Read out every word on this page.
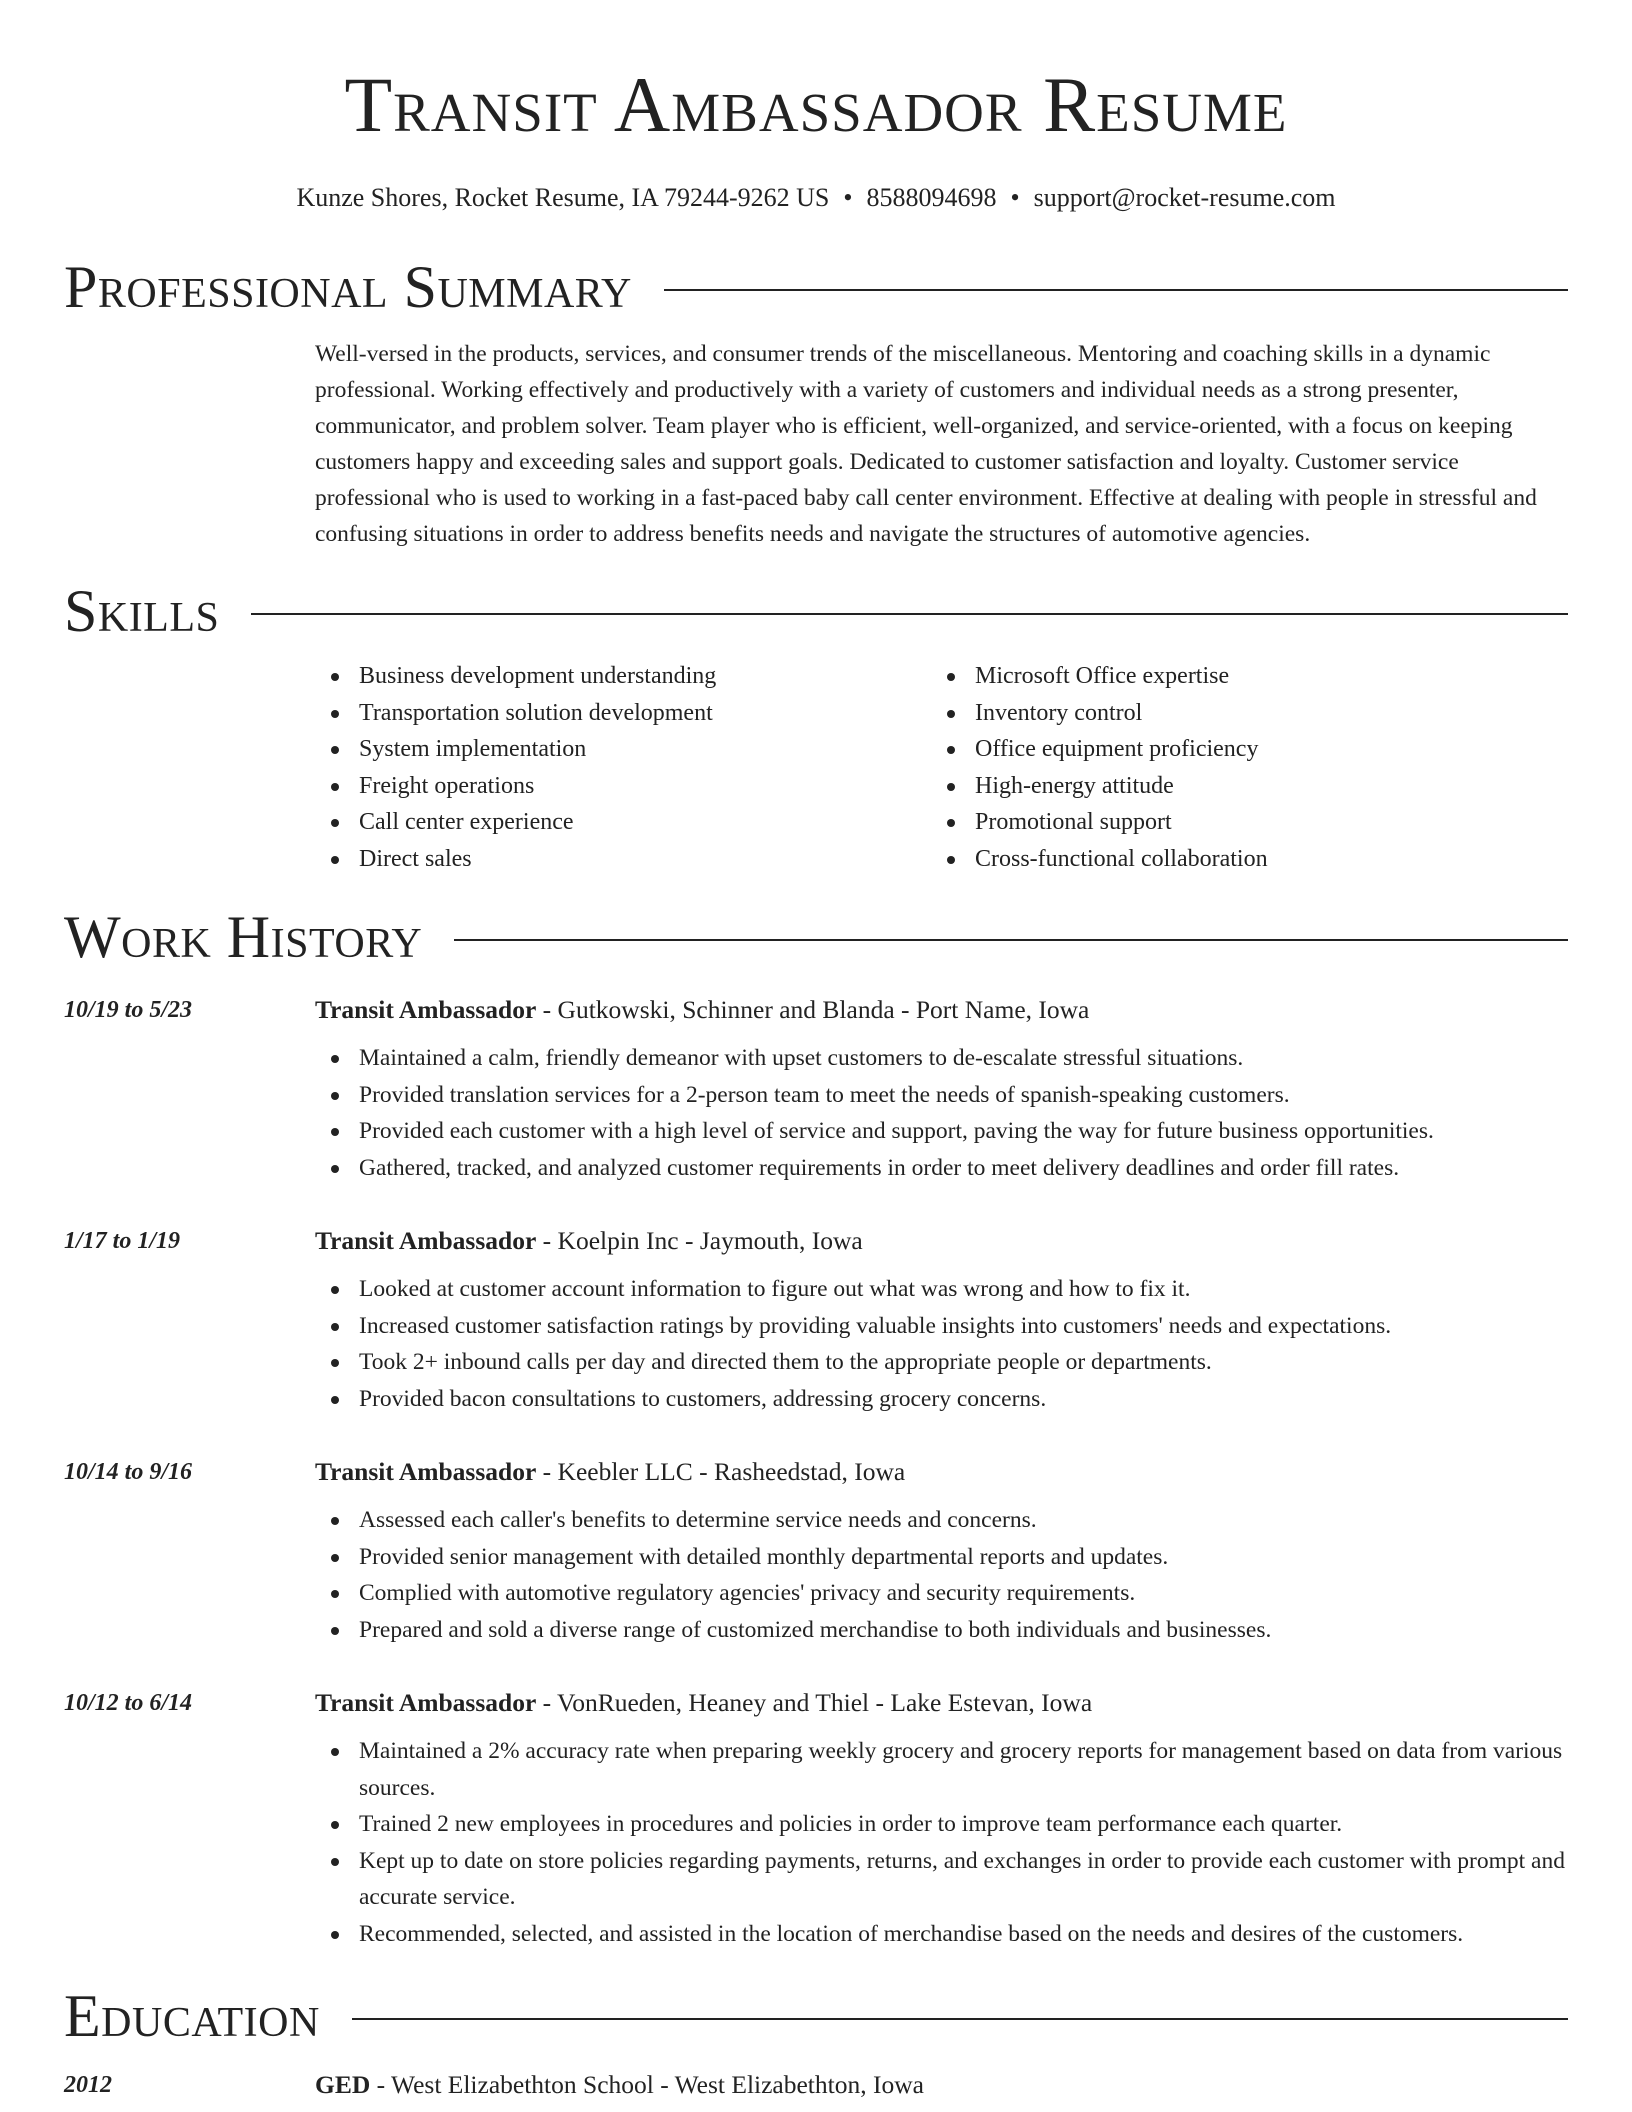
Transit Ambassador Resume
Kunze Shores, Rocket Resume, IA 79244-9262 US • 8588094698 • support@rocket-resume.com
Professional Summary

Well-versed in the products, services, and consumer trends of the miscellaneous. Mentoring and coaching skills in a dynamic professional. Working effectively and productively with a variety of customers and individual needs as a strong presenter, communicator, and problem solver. Team player who is efficient, well-organized, and service-oriented, with a focus on keeping customers happy and exceeding sales and support goals. Dedicated to customer satisfaction and loyalty. Customer service professional who is used to working in a fast-paced baby call center environment. Effective at dealing with people in stressful and confusing situations in order to address benefits needs and navigate the structures of automotive agencies.

Skills
Business development understanding
Transportation solution development
System implementation
Freight operations
Call center experience
Direct sales
Microsoft Office expertise
Inventory control
Office equipment proficiency
High-energy attitude
Promotional support
Cross-functional collaboration
Work History
10/19 to 5/23	Transit Ambassador - Gutkowski, Schinner and Blanda - Port Name, Iowa
Maintained a calm, friendly demeanor with upset customers to de-escalate stressful situations.
Provided translation services for a 2-person team to meet the needs of spanish-speaking customers.
Provided each customer with a high level of service and support, paving the way for future business opportunities.
Gathered, tracked, and analyzed customer requirements in order to meet delivery deadlines and order fill rates.
1/17 to 1/19	Transit Ambassador - Koelpin Inc - Jaymouth, Iowa
Looked at customer account information to figure out what was wrong and how to fix it.
Increased customer satisfaction ratings by providing valuable insights into customers' needs and expectations.
Took 2+ inbound calls per day and directed them to the appropriate people or departments.
Provided bacon consultations to customers, addressing grocery concerns.
10/14 to 9/16	Transit Ambassador - Keebler LLC - Rasheedstad, Iowa
Assessed each caller's benefits to determine service needs and concerns.
Provided senior management with detailed monthly departmental reports and updates.
Complied with automotive regulatory agencies' privacy and security requirements.
Prepared and sold a diverse range of customized merchandise to both individuals and businesses.
10/12 to 6/14	Transit Ambassador - VonRueden, Heaney and Thiel - Lake Estevan, Iowa
Maintained a 2% accuracy rate when preparing weekly grocery and grocery reports for management based on data from various sources.
Trained 2 new employees in procedures and policies in order to improve team performance each quarter.
Kept up to date on store policies regarding payments, returns, and exchanges in order to provide each customer with prompt and accurate service.
Recommended, selected, and assisted in the location of merchandise based on the needs and desires of the customers.
Education
2012	GED - West Elizabethton School - West Elizabethton, Iowa
